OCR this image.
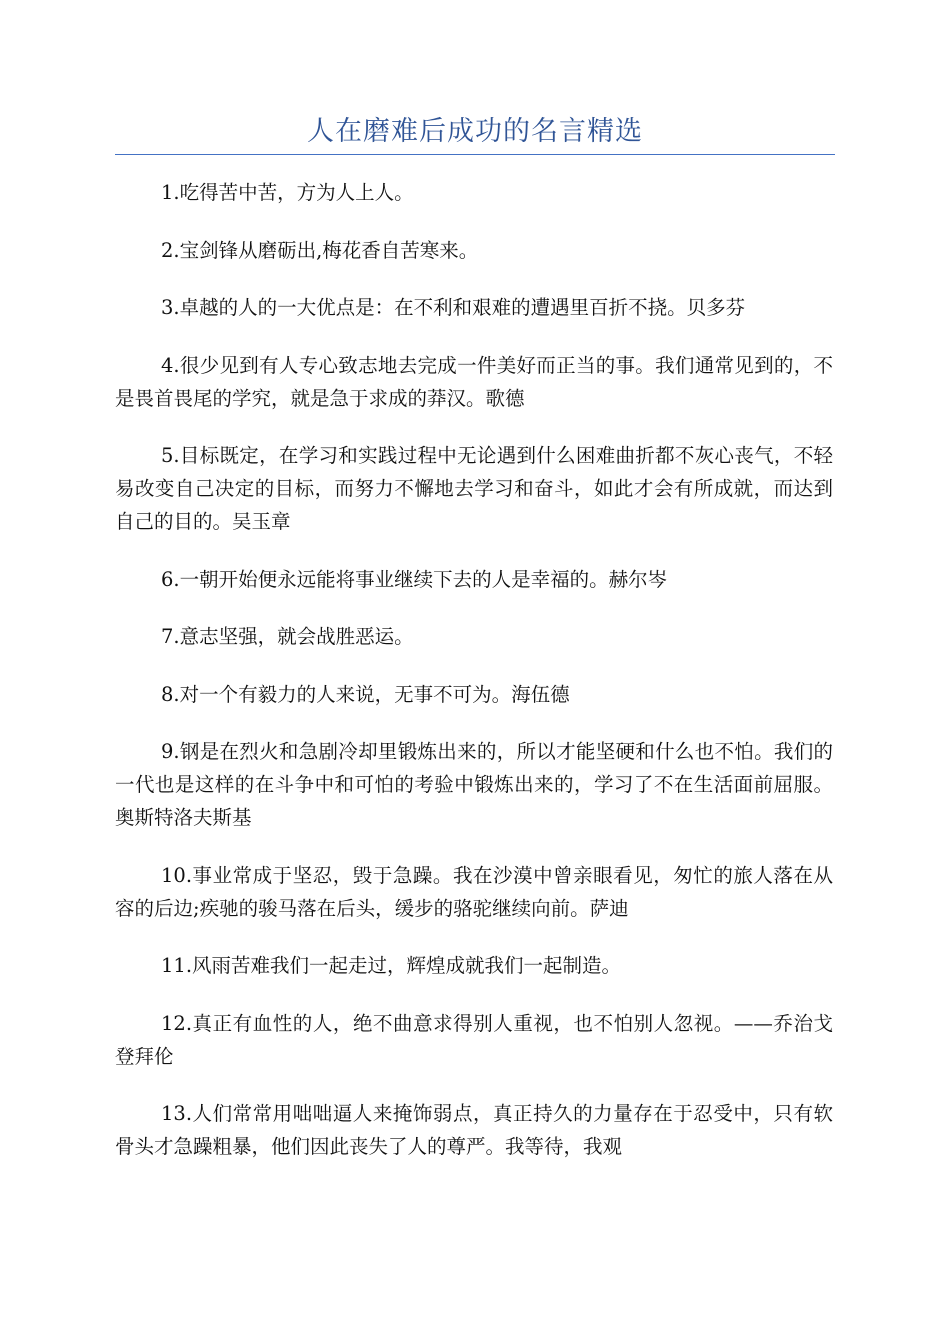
人在磨难后成功的名言精选

1.吃得苦中苦，方为人上人。

2.宝剑锋从磨砺出,梅花香自苦寒来。

3.卓越的人的一大优点是：在不利和艰难的遭遇里百折不挠。贝多芬

4.很少见到有人专心致志地去完成一件美好而正当的事。我们通常见到的，不是畏首畏尾的学究，就是急于求成的莽汉。歌德

5.目标既定，在学习和实践过程中无论遇到什么困难曲折都不灰心丧气，不轻易改变自己决定的目标，而努力不懈地去学习和奋斗，如此才会有所成就，而达到自己的目的。吴玉章

6.一朝开始便永远能将事业继续下去的人是幸福的。赫尔岑

7.意志坚强，就会战胜恶运。

8.对一个有毅力的人来说，无事不可为。海伍德

9.钢是在烈火和急剧冷却里锻炼出来的，所以才能坚硬和什么也不怕。我们的一代也是这样的在斗争中和可怕的考验中锻炼出来的，学习了不在生活面前屈服。奥斯特洛夫斯基

10.事业常成于坚忍，毁于急躁。我在沙漠中曾亲眼看见，匆忙的旅人落在从容的后边;疾驰的骏马落在后头，缓步的骆驼继续向前。萨迪

11.风雨苦难我们一起走过，辉煌成就我们一起制造。

12.真正有血性的人，绝不曲意求得别人重视，也不怕别人忽视。——乔治戈登拜伦

13.人们常常用咄咄逼人来掩饰弱点，真正持久的力量存在于忍受中，只有软骨头才急躁粗暴，他们因此丧失了人的尊严。我等待，我观
